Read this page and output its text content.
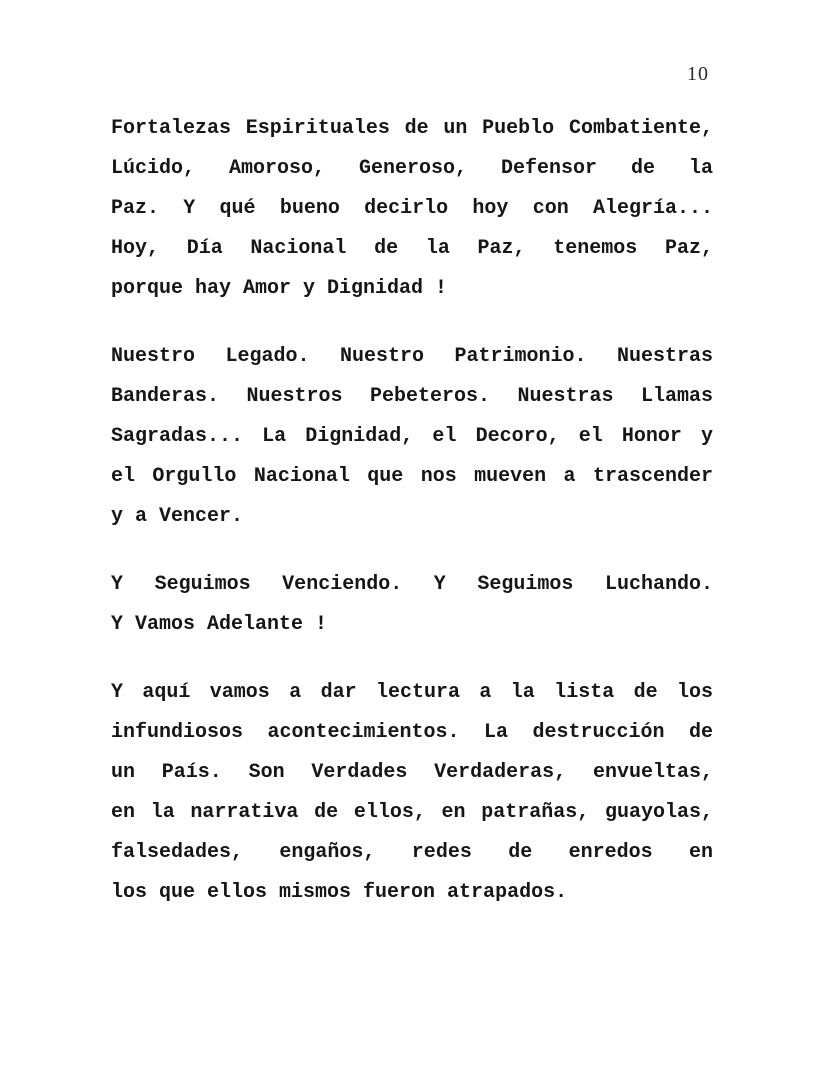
10
Fortalezas Espirituales de un Pueblo Combatiente,
Lúcido, Amoroso, Generoso, Defensor de la
Paz. Y qué bueno decirlo hoy con Alegría...
Hoy, Día Nacional de la Paz, tenemos Paz,
porque hay Amor y Dignidad !
Nuestro Legado. Nuestro Patrimonio. Nuestras
Banderas. Nuestros Pebeteros. Nuestras Llamas
Sagradas... La Dignidad, el Decoro, el Honor y
el Orgullo Nacional que nos mueven a trascender
y a Vencer.
Y Seguimos Venciendo. Y Seguimos Luchando.
Y Vamos Adelante !
Y aquí vamos a dar lectura a la lista de los
infundiosos acontecimientos. La destrucción de
un País. Son Verdades Verdaderas, envueltas,
en la narrativa de ellos, en patrañas, guayolas,
falsedades, engaños, redes de enredos en
los que ellos mismos fueron atrapados.
